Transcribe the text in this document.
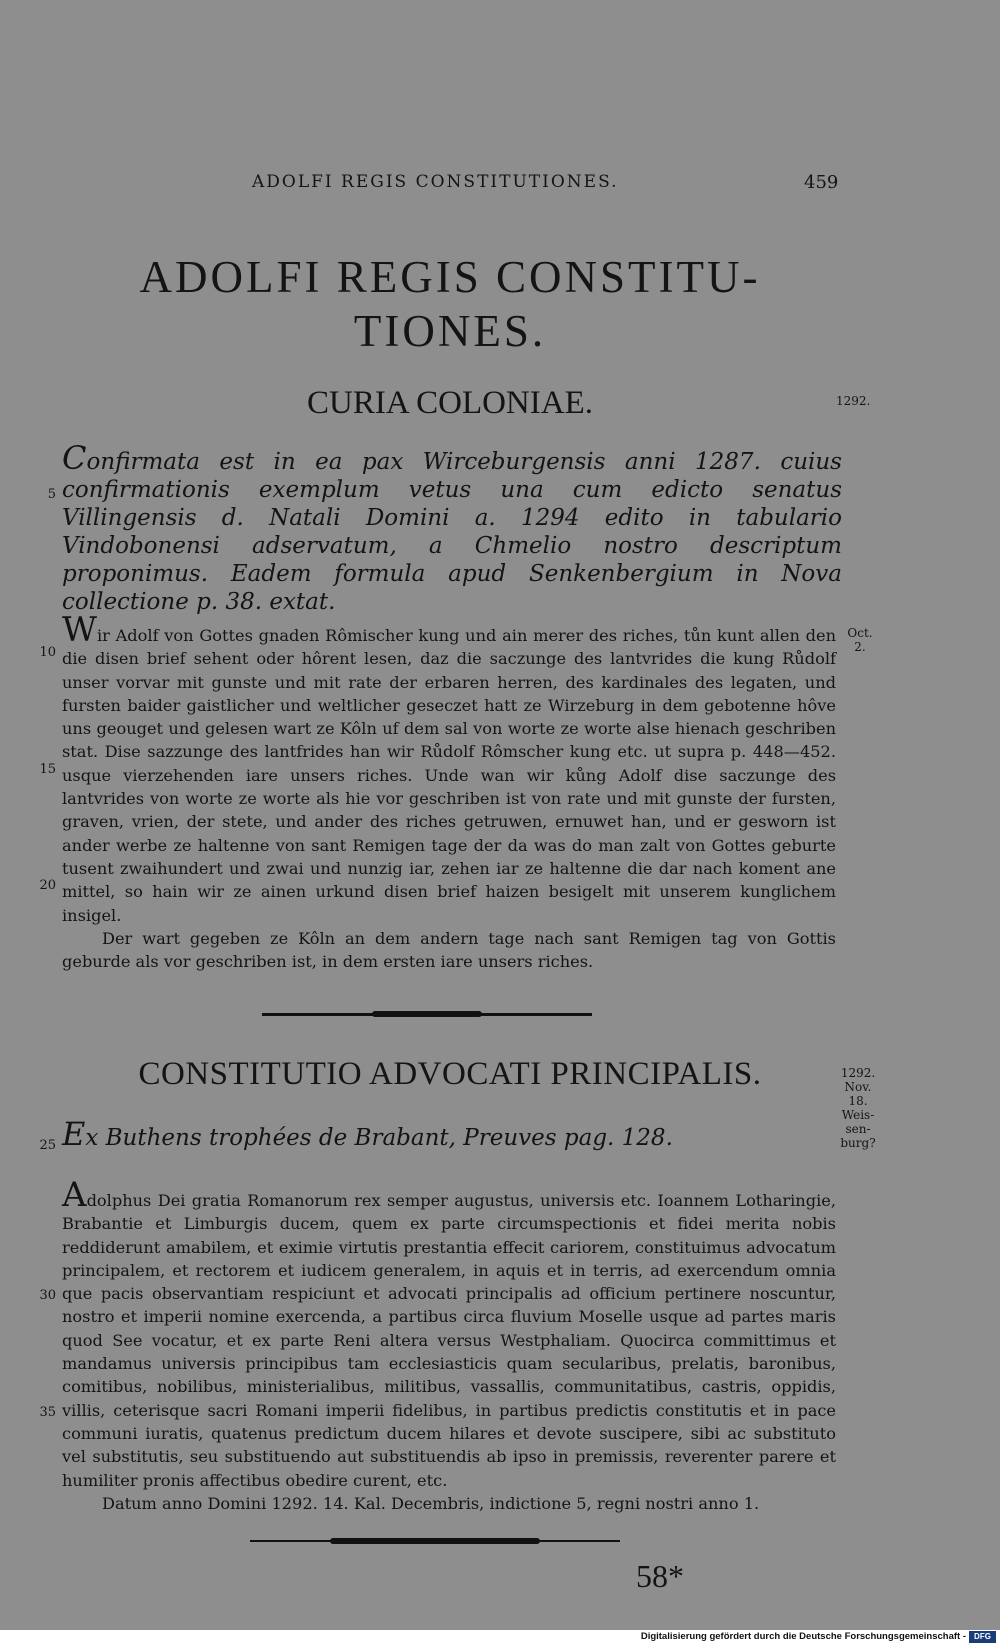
ADOLFI REGIS CONSTITUTIONES.	459
ADOLFI REGIS CONSTITU-
TIONES.
CURIA COLONIAE.	1292.
Confirmata est in ea pax Wirceburgensis anni 1287. cuius confirmationis exemplum vetus una cum edicto senatus Villingensis d. Natali Domini a. 1294 edito in tabulario Vindobonensi adservatum, a Chmelio nostro descriptum proponimus. Eadem formula apud Senkenbergium in Nova collectione p. 38. extat.
Oct. 2.
Wir Adolf von Gottes gnaden Rômischer kung und ain merer des riches, tůn kunt allen den die disen brief sehent oder hôrent lesen, daz die saczunge des lantvrides die kung Růdolf unser vorvar mit gunste und mit rate der erbaren herren, des kardinales des legaten, und fursten baider gaistlicher und weltlicher geseczet hatt ze Wirzeburg in dem gebotenne hôve uns geouget und gelesen wart ze Kôln uf dem sal von worte ze worte alse hienach geschriben stat. Dise sazzunge des lantfrides han wir Růdolf Rômscher kung etc. ut supra p. 448—452. usque vierzehenden iare unsers riches. Unde wan wir kůng Adolf dise saczunge des lantvrides von worte ze worte als hie vor geschriben ist von rate und mit gunste der fursten, graven, vrien, der stete, und ander des riches getruwen, ernuwet han, und er gesworn ist ander werbe ze haltenne von sant Remigen tage der da was do man zalt von Gottes geburte tusent zwaihundert und zwai und nunzig iar, zehen iar ze haltenne die dar nach koment ane mittel, so hain wir ze ainen urkund disen brief haizen besigelt mit unserem kunglichem insigel.
Der wart gegeben ze Kôln an dem andern tage nach sant Remigen tag von Gottis geburde als vor geschriben ist, in dem ersten iare unsers riches.
CONSTITUTIO ADVOCATI PRINCIPALIS.	1292.
Nov.
18.
Weis-
sen-
burg?
Ex Buthens trophées de Brabant, Preuves pag. 128.
Adolphus Dei gratia Romanorum rex semper augustus, universis etc. Ioannem Lotharingie, Brabantie et Limburgis ducem, quem ex parte circumspectionis et fidei merita nobis reddiderunt amabilem, et eximie virtutis prestantia effecit cariorem, constituimus advocatum principalem, et rectorem et iudicem generalem, in aquis et in terris, ad exercendum omnia que pacis observantiam respiciunt et advocati principalis ad officium pertinere noscuntur, nostro et imperii nomine exercenda, a partibus circa fluvium Moselle usque ad partes maris quod See vocatur, et ex parte Reni altera versus Westphaliam. Quocirca committimus et mandamus universis principibus tam ecclesiasticis quam secularibus, prelatis, baronibus, comitibus, nobilibus, ministerialibus, militibus, vassallis, communitatibus, castris, oppidis, villis, ceterisque sacri Romani imperii fidelibus, in partibus predictis constitutis et in pace communi iuratis, quatenus predictum ducem hilares et devote suscipere, sibi ac substituto vel substitutis, seu substituendo aut substituendis ab ipso in premissis, reverenter parere et humiliter pronis affectibus obedire curent, etc.
Datum anno Domini 1292. 14. Kal. Decembris, indictione 5, regni nostri anno 1.
5
10
15
20
25
30
35
58*
Digitalisierung gefördert durch die Deutsche Forschungsgemeinschaft -	DFG
